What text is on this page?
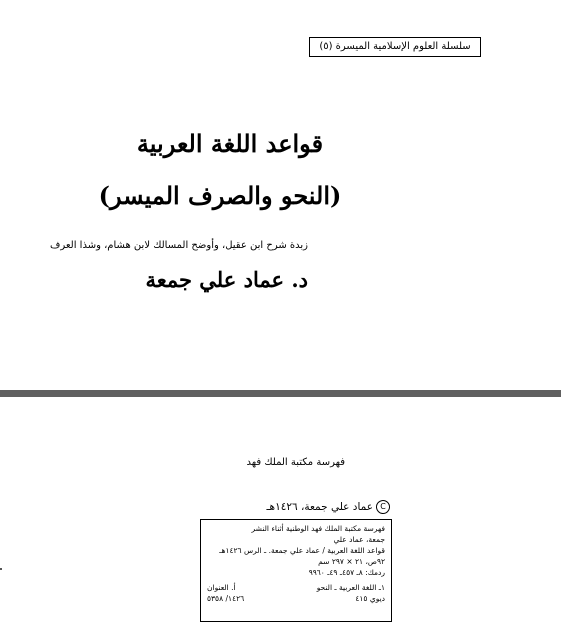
سلسلة العلوم الإسلامية الميسرة (٥)
قواعد اللغة العربية
(النحو والصرف الميسر)
زبدة شرح ابن عقيل، وأوضح المسالك لابن هشام، وشذا العرف
د. عماد علي جمعة
فهرسة مكتبة الملك فهد
Cعماد علي جمعة، ١٤٢٦هـ
فهرسة مكتبة الملك فهد الوطنية أثناء النشر
جمعة، عماد علي
قواعد اللغة العربية / عماد علي جمعة. ـ الرس ١٤٢٦هـ
٩٢ص، ٢١ × ٢٩٧ سم
ردمك: ٨ـ ٤٥٧ـ ٤٩ـ ٩٩٦٠
١ـ اللغة العربية ـ النحو
أ. العنوان
ديوي ٤١٥
١٤٢٦/ ٥٣٥٨
